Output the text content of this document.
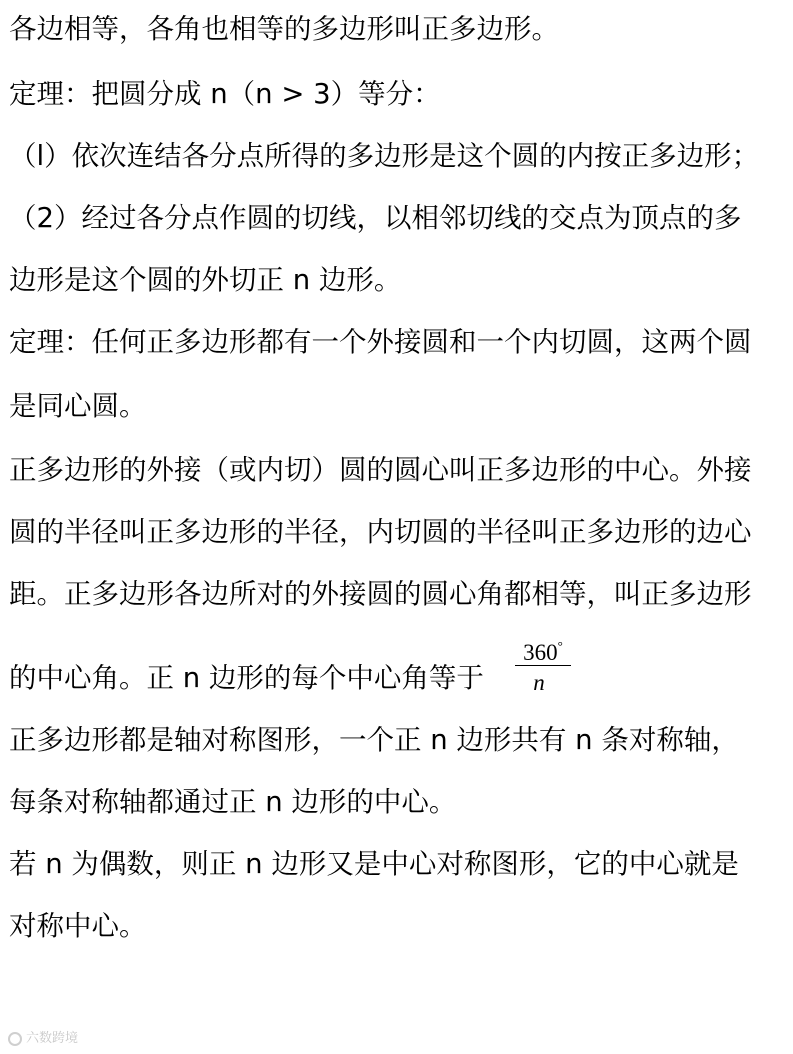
各边相等，各角也相等的多边形叫正多边形。

定理：把圆分成 n（n > 3）等分：

（l）依次连结各分点所得的多边形是这个圆的内按正多边形；

（2）经过各分点作圆的切线，以相邻切线的交点为顶点的多

边形是这个圆的外切正 n 边形。

定理：任何正多边形都有一个外接圆和一个内切圆，这两个圆

是同心圆。

正多边形的外接（或内切）圆的圆心叫正多边形的中心。外接

圆的半径叫正多边形的半径，内切圆的半径叫正多边形的边心

距。正多边形各边所对的外接圆的圆心角都相等，叫正多边形

的中心角。正 n 边形的每个中心角等于

360°
n

正多边形都是轴对称图形，一个正 n 边形共有 n 条对称轴，

每条对称轴都通过正 n 边形的中心。

若 n 为偶数，则正 n 边形又是中心对称图形，它的中心就是

对称中心。

六数跨境
